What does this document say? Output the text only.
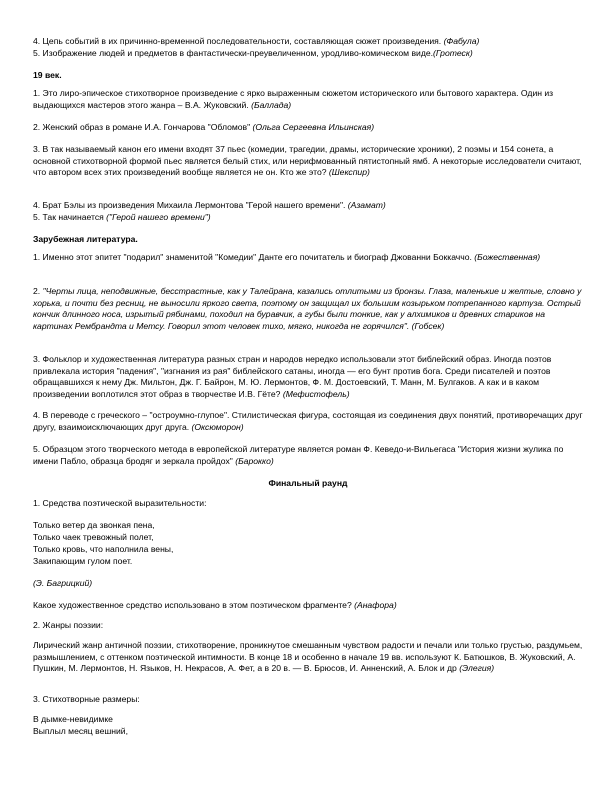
4. Цепь событий в их причинно-временной последовательности, составляющая сюжет произведения. (Фабула)

5. Изображение людей и предметов в фантастически-преувеличенном, уродливо-комическом виде.(Гротеск)

19 век.

1. Это лиро-эпическое стихотворное произведение с ярко выраженным сюжетом исторического или бытового характера. Один из выдающихся мастеров этого жанра – В.А. Жуковский. (Баллада)

2. Женский образ в романе И.А. Гончарова "Обломов" (Ольга Сергеевна Ильинская)

3. В так называемый канон его имени входят 37 пьес (комедии, трагедии, драмы, исторические хроники), 2 поэмы и 154 сонета, а основной стихотворной формой пьес является белый стих, или нерифмованный пятистопный ямб. А некоторые исследователи считают, что автором всех этих произведений вообще является не он. Кто же это? (Шекспир)

4. Брат Бэлы из произведения Михаила Лермонтова "Герой нашего времени". (Азамат)

5. Так начинается ("Герой нашего времени")

Зарубежная литература.

1. Именно этот эпитет "подарил" знаменитой "Комедии" Данте его почитатель и биограф Джованни Боккаччо. (Божественная)

2. "Черты лица, неподвижные, бесстрастные, как у Талейрана, казались отлитыми из бронзы. Глаза, маленькие и желтые, словно у хорька, и почти без ресниц, не выносили яркого света, поэтому он защищал их большим козырьком потрепанного картуза. Острый кончик длинного носа, изрытый рябинами, походил на буравчик, а губы были тонкие, как у алхимиков и древних стариков на картинах Рембрандта и Метсу. Говорил этот человек тихо, мягко, никогда не горячился". (Гобсек)

3. Фольклор и художественная литература разных стран и народов нередко использовали этот библейский образ. Иногда поэтов привлекала история "падения", "изгнания из рая" библейского сатаны, иногда — его бунт против бога. Среди писателей и поэтов обращавшихся к нему Дж. Мильтон, Дж. Г. Байрон, М. Ю. Лермонтов, Ф. М. Достоевский, Т. Манн, М. Булгаков. А как и в каком произведении воплотился этот образ в творчестве И.В. Гёте? (Мефистофель)

4. В переводе с греческого – "остроумно-глупое". Стилистическая фигура, состоящая из соединения двух понятий, противоречащих друг другу, взаимоисключающих друг друга. (Оксюморон)

5. Образцом этого творческого метода в европейской литературе является роман Ф. Кеведо-и-Вильегаса "История жизни жулика по имени Пабло, образца бродяг и зеркала пройдох" (Барокко)

Финальный раунд

1. Средства поэтической выразительности:

Только ветер да звонкая пена,

Только чаек тревожный полет,

Только кровь, что наполнила вены,

Закипающим гулом поет.

(Э. Багрицкий)

Какое художественное средство использовано в этом поэтическом фрагменте? (Анафора)

2. Жанры поэзии:

Лирический жанр античной поэзии, стихотворение, проникнутое смешанным чувством радости и печали или только грустью, раздумьем, размышлением, с оттенком поэтической интимности. В конце 18 и особенно в начале 19 вв. используют К. Батюшков, В. Жуковский, А. Пушкин, М. Лермонтов, Н. Языков, Н. Некрасов, А. Фет, а в 20 в. — В. Брюсов, И. Анненский, А. Блок и др (Элегия)

3. Стихотворные размеры:

В дымке-невидимке

Выплыл месяц вешний,
